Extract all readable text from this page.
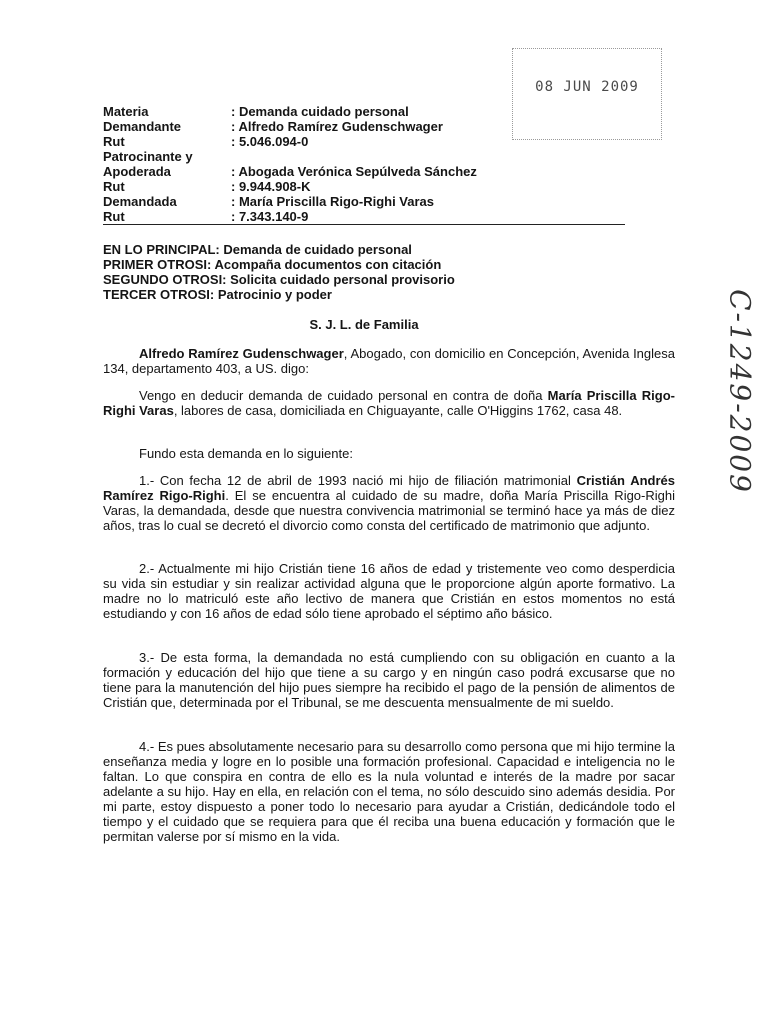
08 JUN 2009
C-1249-2009
Materia	: Demanda cuidado personal
Demandante	: Alfredo Ramírez Gudenschwager
Rut	: 5.046.094-0
Patrocinante y
Apoderada	: Abogada Verónica Sepúlveda Sánchez
Rut	: 9.944.908-K
Demandada	: María Priscilla Rigo-Righi Varas
Rut	: 7.343.140-9
EN LO PRINCIPAL: Demanda de cuidado personal
PRIMER OTROSI: Acompaña documentos con citación
SEGUNDO OTROSI: Solicita cuidado personal provisorio
TERCER OTROSI: Patrocinio y poder
S. J. L. de Familia
Alfredo Ramírez Gudenschwager, Abogado, con domicilio en Concepción, Avenida Inglesa 134, departamento 403, a US. digo:
Vengo en deducir demanda de cuidado personal en contra de doña María Priscilla Rigo-Righi Varas, labores de casa, domiciliada en Chiguayante, calle O'Higgins 1762, casa 48.
Fundo esta demanda en lo siguiente:
1.- Con fecha 12 de abril de 1993 nació mi hijo de filiación matrimonial Cristián Andrés Ramírez Rigo-Righi. El se encuentra al cuidado de su madre, doña María Priscilla Rigo-Righi Varas, la demandada, desde que nuestra convivencia matrimonial se terminó hace ya más de diez años, tras lo cual se decretó el divorcio como consta del certificado de matrimonio que adjunto.
2.- Actualmente mi hijo Cristián tiene 16 años de edad y tristemente veo como desperdicia su vida sin estudiar y sin realizar actividad alguna que le proporcione algún aporte formativo. La madre no lo matriculó este año lectivo de manera que Cristián en estos momentos no está estudiando y con 16 años de edad sólo tiene aprobado el séptimo año básico.
3.- De esta forma, la demandada no está cumpliendo con su obligación en cuanto a la formación y educación del hijo que tiene a su cargo y en ningún caso podrá excusarse que no tiene para la manutención del hijo pues siempre ha recibido el pago de la pensión de alimentos de Cristián que, determinada por el Tribunal, se me descuenta mensualmente de mi sueldo.
4.- Es pues absolutamente necesario para su desarrollo como persona que mi hijo termine la enseñanza media y logre en lo posible una formación profesional. Capacidad e inteligencia no le faltan. Lo que conspira en contra de ello es la nula voluntad e interés de la madre por sacar adelante a su hijo. Hay en ella, en relación con el tema, no sólo descuido sino además desidia. Por mi parte, estoy dispuesto a poner todo lo necesario para ayudar a Cristián, dedicándole todo el tiempo y el cuidado que se requiera para que él reciba una buena educación y formación que le permitan valerse por sí mismo en la vida.
